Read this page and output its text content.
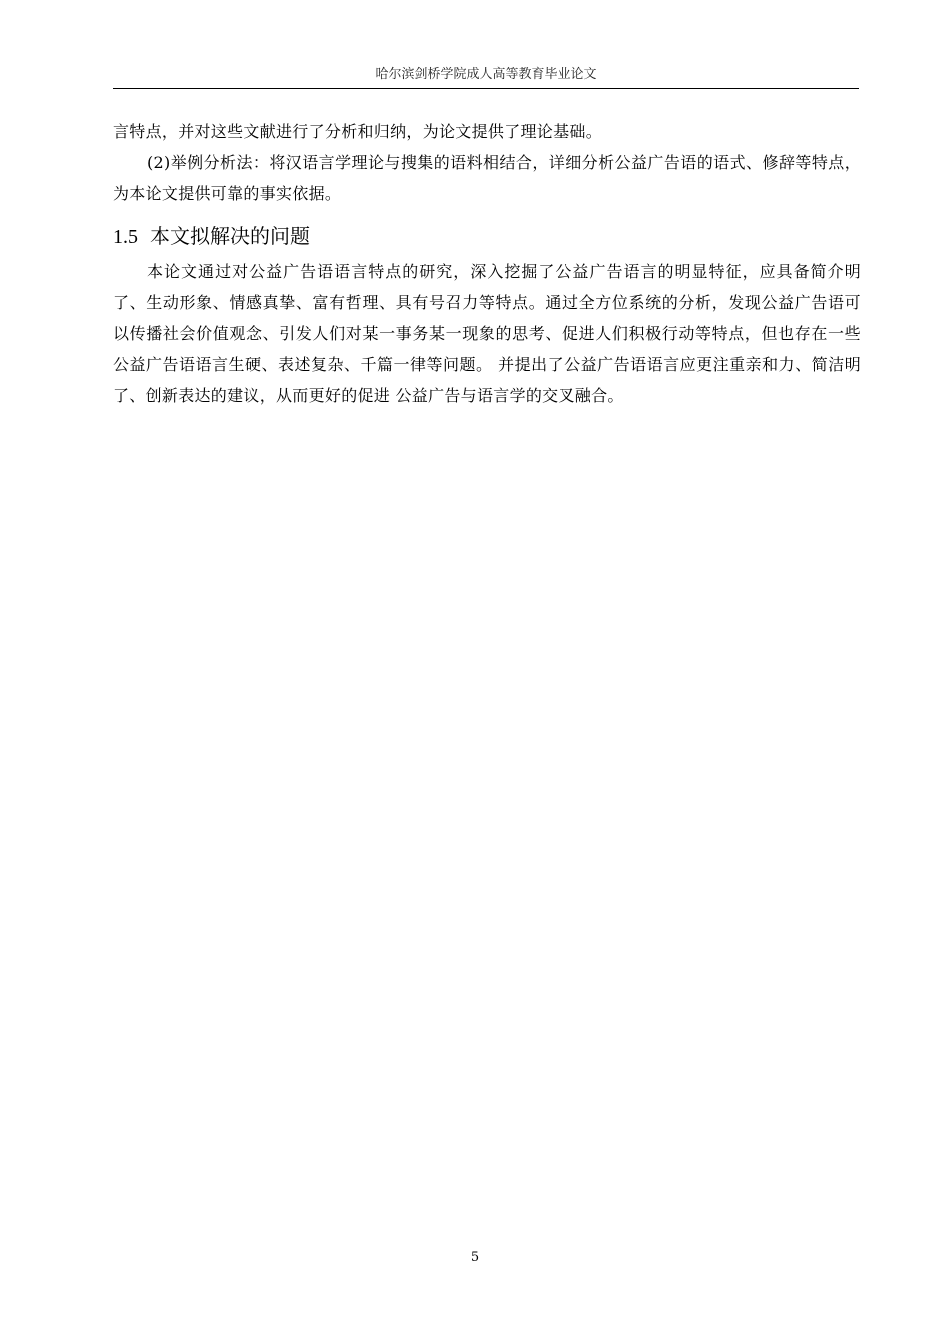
哈尔滨剑桥学院成人高等教育毕业论文

言特点，并对这些文献进行了分析和归纳，为论文提供了理论基础。

(2)举例分析法：将汉语言学理论与搜集的语料相结合，详细分析公益广告语的语式、修辞等特点，为本论文提供可靠的事实依据。

1.5 本文拟解决的问题

本论文通过对公益广告语语言特点的研究，深入挖掘了公益广告语言的明显特征，应具备简介明了、生动形象、情感真挚、富有哲理、具有号召力等特点。通过全方位系统的分析，发现公益广告语可以传播社会价值观念、引发人们对某一事务某一现象的思考、促进人们积极行动等特点，但也存在一些公益广告语语言生硬、表述复杂、千篇一律等问题。 并提出了公益广告语语言应更注重亲和力、简洁明了、创新表达的建议，从而更好的促进 公益广告与语言学的交叉融合。

5
